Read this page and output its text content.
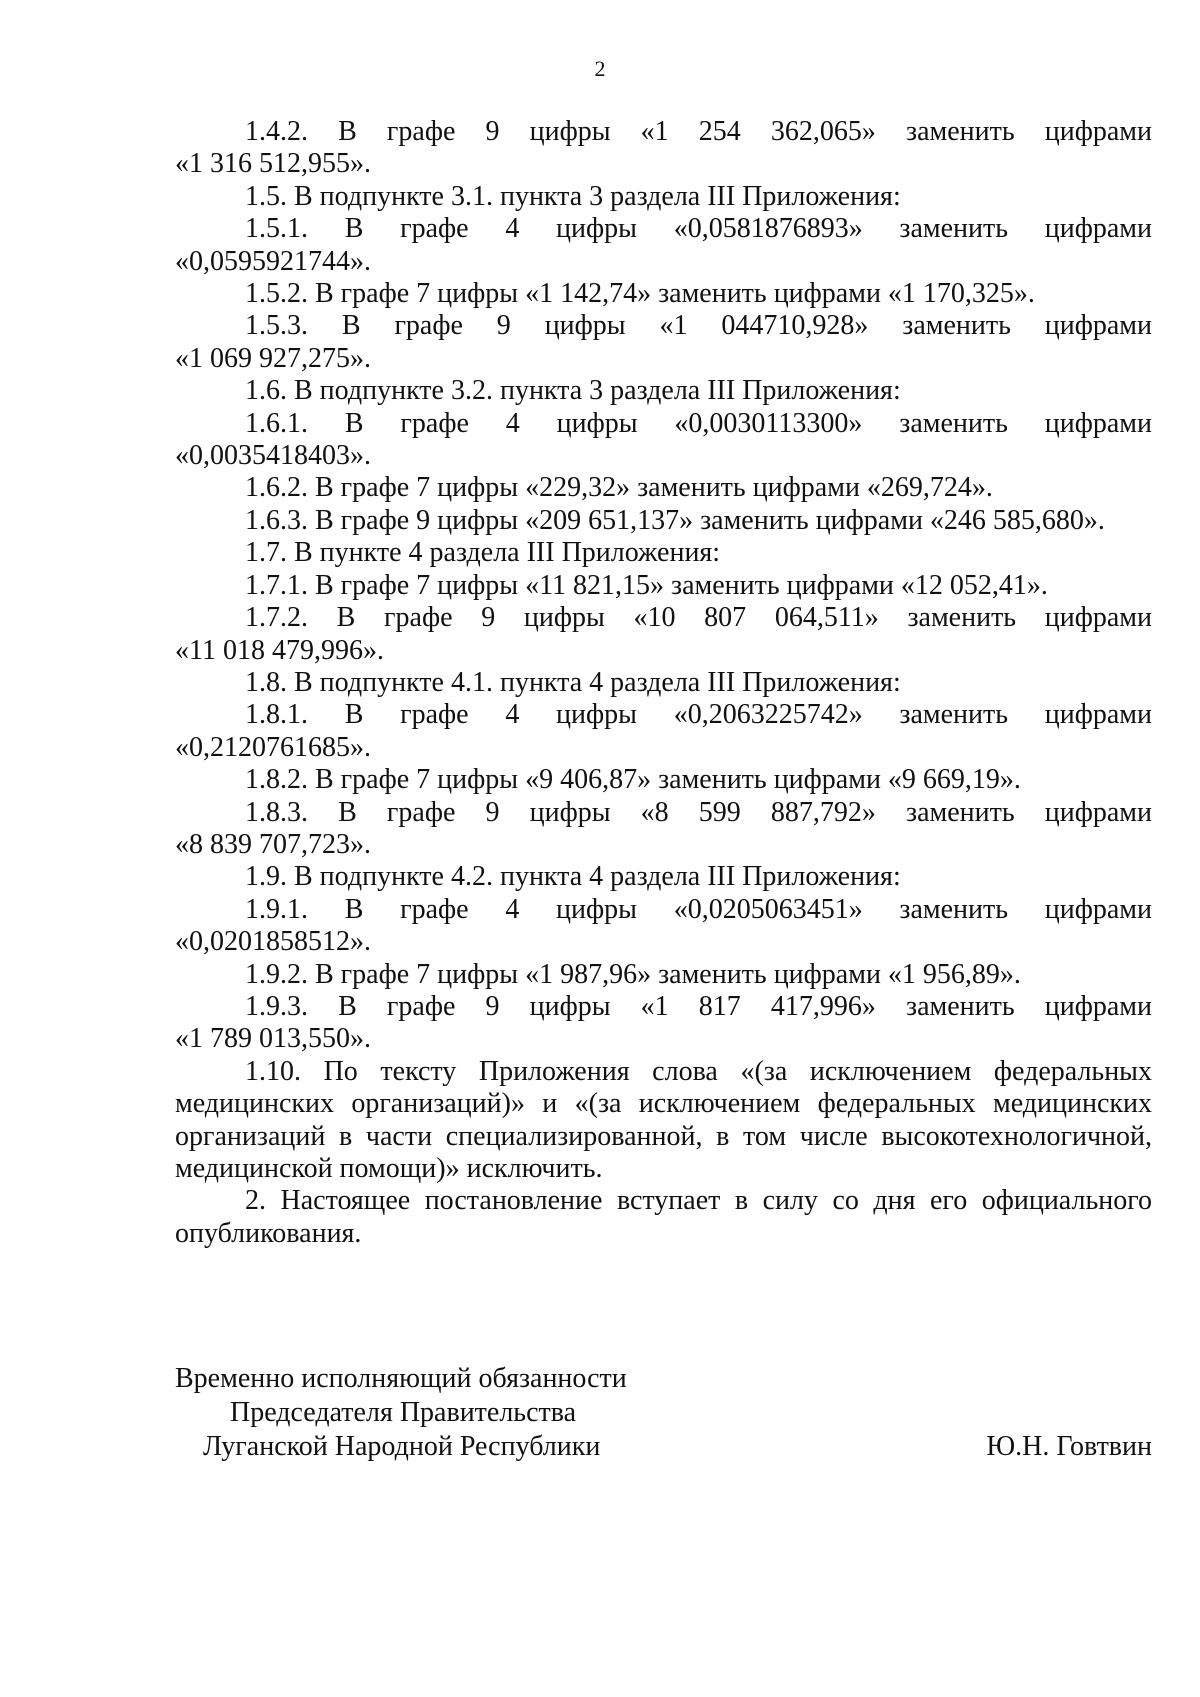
2

1.4.2. В графе 9 цифры «1 254 362,065» заменить цифрами

«1 316 512,955».

1.5. В подпункте 3.1. пункта 3 раздела III Приложения:

1.5.1. В графе 4 цифры «0,0581876893» заменить цифрами

«0,0595921744».

1.5.2. В графе 7 цифры «1 142,74» заменить цифрами «1 170,325».

1.5.3. В графе 9 цифры «1 044710,928» заменить цифрами

«1 069 927,275».

1.6. В подпункте 3.2. пункта 3 раздела III Приложения:

1.6.1. В графе 4 цифры «0,0030113300» заменить цифрами

«0,0035418403».

1.6.2. В графе 7 цифры «229,32» заменить цифрами «269,724».

1.6.3. В графе 9 цифры «209 651,137» заменить цифрами «246 585,680».

1.7. В пункте 4 раздела III Приложения:

1.7.1. В графе 7 цифры «11 821,15» заменить цифрами «12 052,41».

1.7.2. В графе 9 цифры «10 807 064,511» заменить цифрами

«11 018 479,996».

1.8. В подпункте 4.1. пункта 4 раздела III Приложения:

1.8.1. В графе 4 цифры «0,2063225742» заменить цифрами

«0,2120761685».

1.8.2. В графе 7 цифры «9 406,87» заменить цифрами «9 669,19».

1.8.3. В графе 9 цифры «8 599 887,792» заменить цифрами

«8 839 707,723».

1.9. В подпункте 4.2. пункта 4 раздела III Приложения:

1.9.1. В графе 4 цифры «0,0205063451» заменить цифрами

«0,0201858512».

1.9.2. В графе 7 цифры «1 987,96» заменить цифрами «1 956,89».

1.9.3. В графе 9 цифры «1 817 417,996» заменить цифрами

«1 789 013,550».

1.10. По тексту Приложения слова «(за исключением федеральных медицинских организаций)» и «(за исключением федеральных медицинских организаций в части специализированной, в том числе высокотехнологичной, медицинской помощи)» исключить.

2. Настоящее постановление вступает в силу со дня его официального опубликования.

Временно исполняющий обязанности
Председателя Правительства
Луганской Народной Республики	Ю.Н. Говтвин
